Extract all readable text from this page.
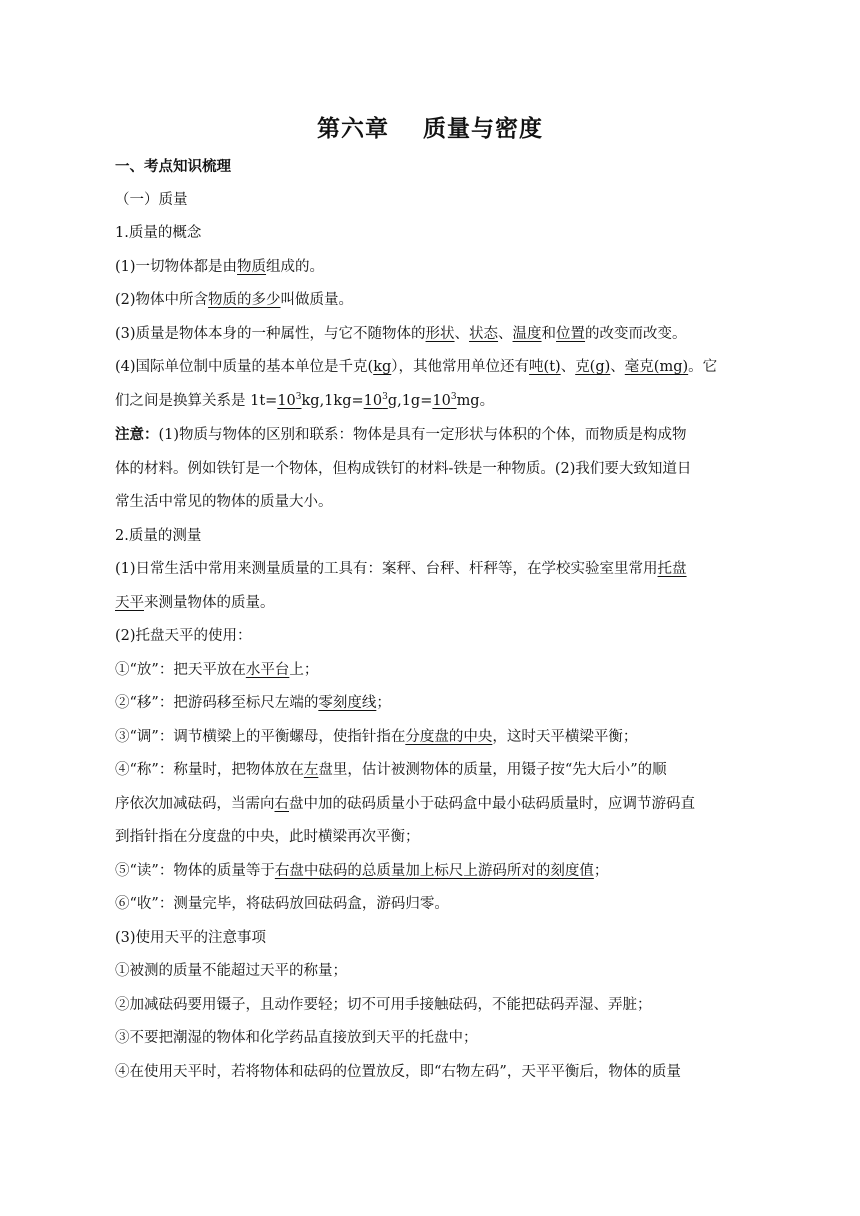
第六章 质量与密度

一、考点知识梳理

（一）质量

1.质量的概念

(1)一切物体都是由物质组成的。

(2)物体中所含物质的多少叫做质量。

(3)质量是物体本身的一种属性，与它不随物体的形状、状态、温度和位置的改变而改变。

(4)国际单位制中质量的基本单位是千克(kg），其他常用单位还有吨(t)、克(g)、毫克(mg)。它

们之间是换算关系是 $1t=10^3kg,1kg=10^3g,1g=10^3mg$。

注意：(1)物质与物体的区别和联系：物体是具有一定形状与体积的个体，而物质是构成物

体的材料。例如铁钉是一个物体，但构成铁钉的材料-铁是一种物质。(2)我们要大致知道日

常生活中常见的物体的质量大小。

2.质量的测量

(1)日常生活中常用来测量质量的工具有：案秤、台秤、杆秤等，在学校实验室里常用托盘

天平来测量物体的质量。

(2)托盘天平的使用：

①“放”：把天平放在水平台上；

②“移”：把游码移至标尺左端的零刻度线；

③“调”：调节横梁上的平衡螺母，使指针指在分度盘的中央，这时天平横梁平衡；

④“称”：称量时，把物体放在左盘里，估计被测物体的质量，用镊子按“先大后小”的顺

序依次加减砝码，当需向右盘中加的砝码质量小于砝码盒中最小砝码质量时，应调节游码直

到指针指在分度盘的中央，此时横梁再次平衡；

⑤“读”：物体的质量等于右盘中砝码的总质量加上标尺上游码所对的刻度值；

⑥“收”：测量完毕，将砝码放回砝码盒，游码归零。

(3)使用天平的注意事项

①被测的质量不能超过天平的称量；

②加减砝码要用镊子，且动作要轻；切不可用手接触砝码，不能把砝码弄湿、弄脏；

③不要把潮湿的物体和化学药品直接放到天平的托盘中；

④在使用天平时，若将物体和砝码的位置放反，即“右物左码”，天平平衡后，物体的质量
